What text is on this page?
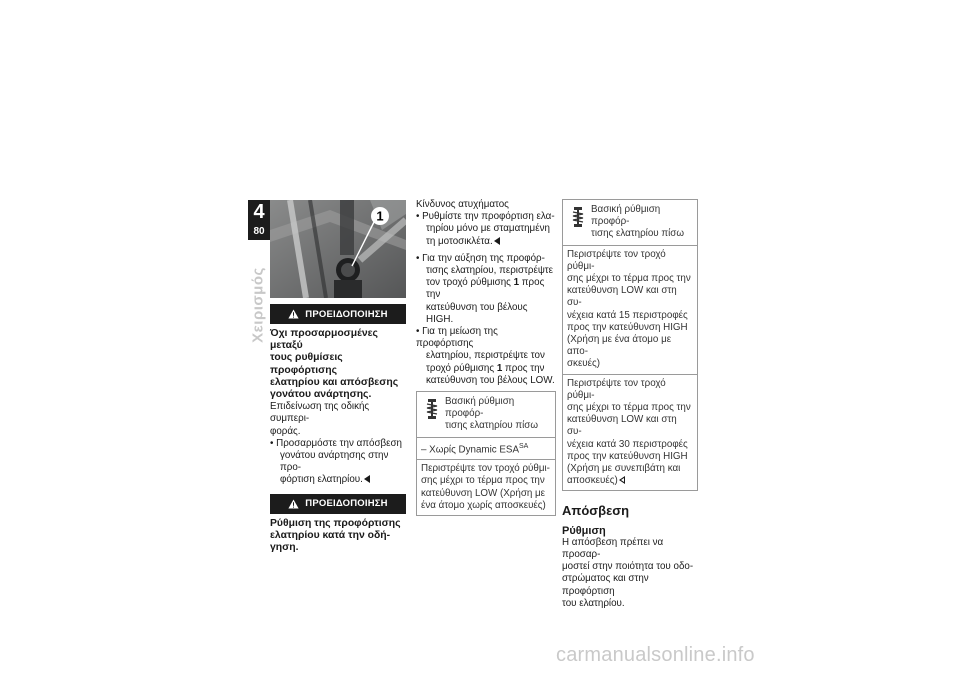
4
80
Χειρισμός
1
ΠΡΟΕΙΔΟΠΟΙΗΣΗ

Όχι προσαρμοσμένες μεταξύ

τους ρυθμίσεις προφόρτισης

ελατηρίου και απόσβεσης

γονάτου ανάρτησης.

Επιδείνωση της οδικής συμπερι-

φοράς.

• Προσαρμόστε την απόσβεση

γονάτου ανάρτησης στην προ-

φόρτιση ελατηρίου.

ΠΡΟΕΙΔΟΠΟΙΗΣΗ

Ρύθμιση της προφόρτισης

ελατηρίου κατά την οδή-

γηση.

Κίνδυνος ατυχήματος

• Ρυθμίστε την προφόρτιση ελα-

τηρίου μόνο με σταματημένη

τη μοτοσικλέτα.

• Για την αύξηση της προφόρ-

τισης ελατηρίου, περιστρέψτε

τον τροχό ρύθμισης 1 προς την

κατεύθυνση του βέλους HIGH.

• Για τη μείωση της προφόρτισης

ελατηρίου, περιστρέψτε τον

τροχό ρύθμισης 1 προς την

κατεύθυνση του βέλους LOW.

Βασική ρύθμιση προφόρ-

τισης ελατηρίου πίσω

– Χωρίς Dynamic $ESA^{SA}$

Περιστρέψτε τον τροχό ρύθμι-

σης μέχρι το τέρμα προς την

κατεύθυνση LOW (Χρήση με

ένα άτομο χωρίς αποσκευές)

Βασική ρύθμιση προφόρ-

τισης ελατηρίου πίσω

Περιστρέψτε τον τροχό ρύθμι-

σης μέχρι το τέρμα προς την

κατεύθυνση LOW και στη συ-

νέχεια κατά 15 περιστροφές

προς την κατεύθυνση HIGH

(Χρήση με ένα άτομο με απο-

σκευές)

Περιστρέψτε τον τροχό ρύθμι-

σης μέχρι το τέρμα προς την

κατεύθυνση LOW και στη συ-

νέχεια κατά 30 περιστροφές

προς την κατεύθυνση HIGH

(Χρήση με συνεπιβάτη και

αποσκευές)

Απόσβεση

Ρύθμιση

Η απόσβεση πρέπει να προσαρ-

μοστεί στην ποιότητα του οδο-

στρώματος και στην προφόρτιση

του ελατηρίου.

carmanualsonline.info
